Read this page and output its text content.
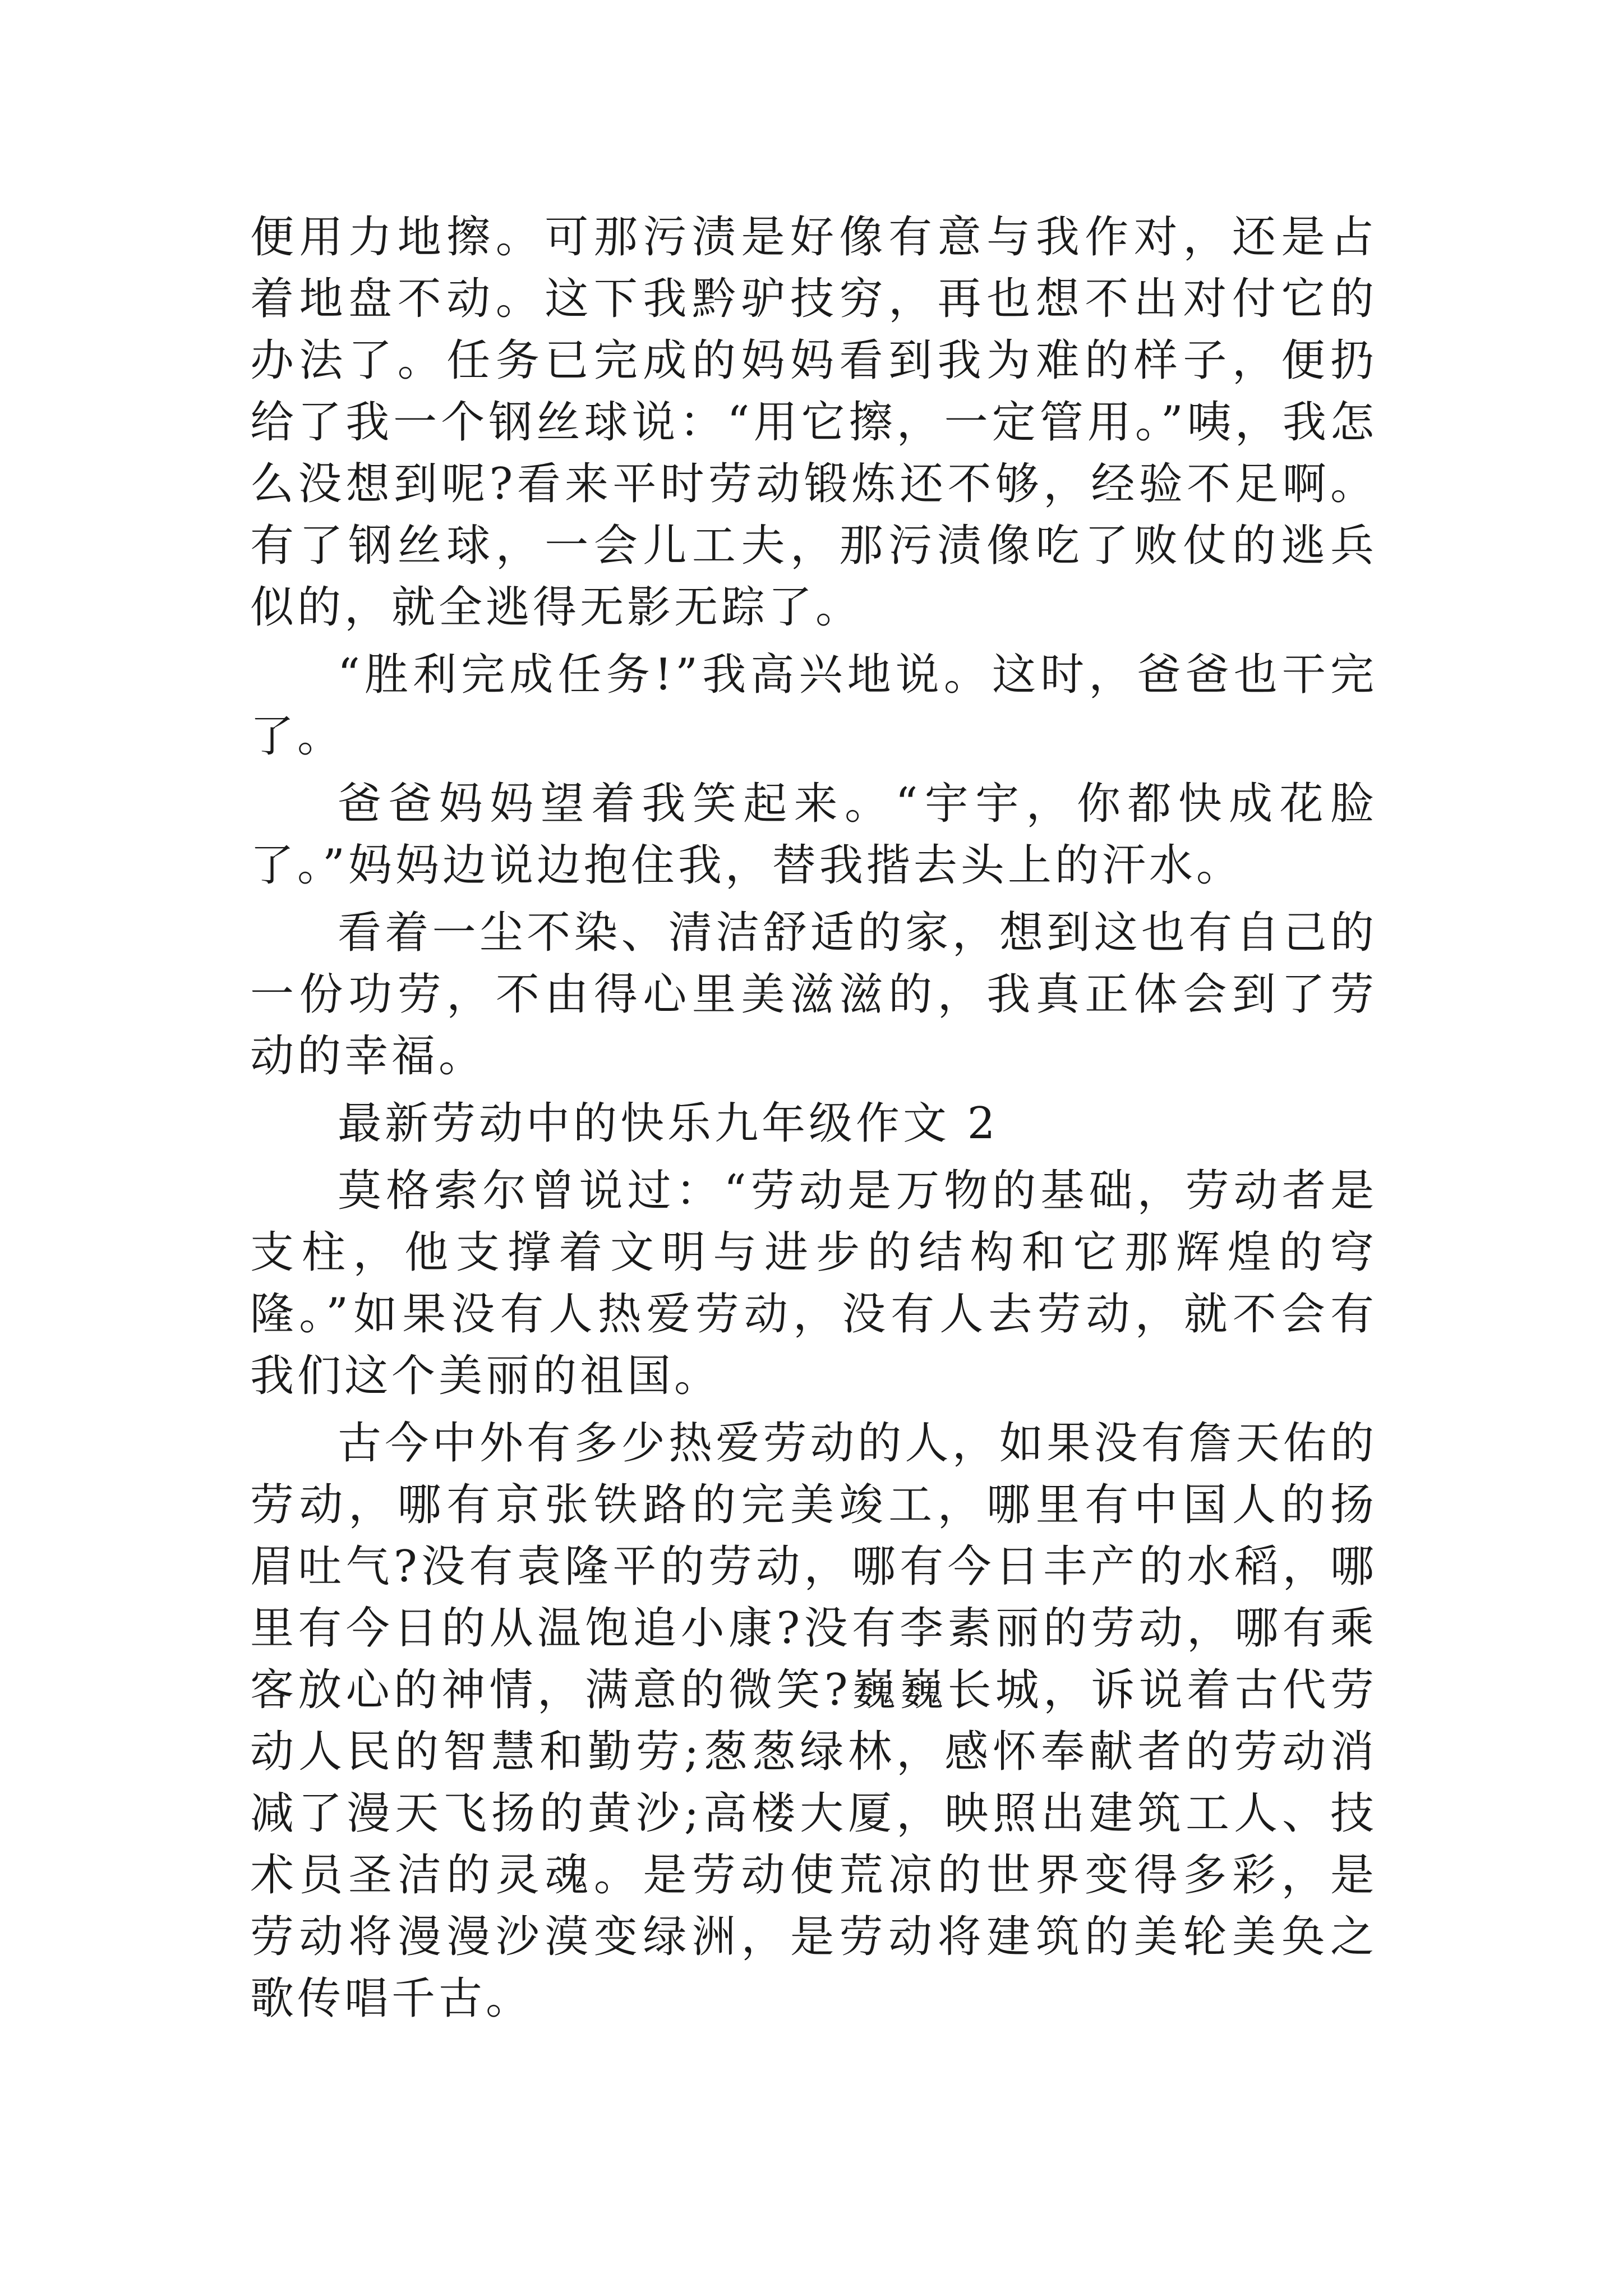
便用力地擦。可那污渍是好像有意与我作对，还是占着地盘不动。这下我黔驴技穷，再也想不出对付它的办法了。任务已完成的妈妈看到我为难的样子，便扔给了我一个钢丝球说：“用它擦，一定管用。”咦，我怎么没想到呢?看来平时劳动锻炼还不够，经验不足啊。有了钢丝球，一会儿工夫，那污渍像吃了败仗的逃兵似的，就全逃得无影无踪了。

“胜利完成任务!”我高兴地说。这时，爸爸也干完了。

爸爸妈妈望着我笑起来。“宇宇，你都快成花脸了。”妈妈边说边抱住我，替我揩去头上的汗水。

看着一尘不染、清洁舒适的家，想到这也有自己的一份功劳，不由得心里美滋滋的，我真正体会到了劳动的幸福。

最新劳动中的快乐九年级作文 2

莫格索尔曾说过：“劳动是万物的基础，劳动者是支柱，他支撑着文明与进步的结构和它那辉煌的穹隆。”如果没有人热爱劳动，没有人去劳动，就不会有我们这个美丽的祖国。

古今中外有多少热爱劳动的人，如果没有詹天佑的劳动，哪有京张铁路的完美竣工，哪里有中国人的扬眉吐气?没有袁隆平的劳动，哪有今日丰产的水稻，哪里有今日的从温饱追小康?没有李素丽的劳动，哪有乘客放心的神情，满意的微笑?巍巍长城，诉说着古代劳动人民的智慧和勤劳;葱葱绿林，感怀奉献者的劳动消减了漫天飞扬的黄沙;高楼大厦，映照出建筑工人、技术员圣洁的灵魂。是劳动使荒凉的世界变得多彩，是劳动将漫漫沙漠变绿洲，是劳动将建筑的美轮美奂之歌传唱千古。
